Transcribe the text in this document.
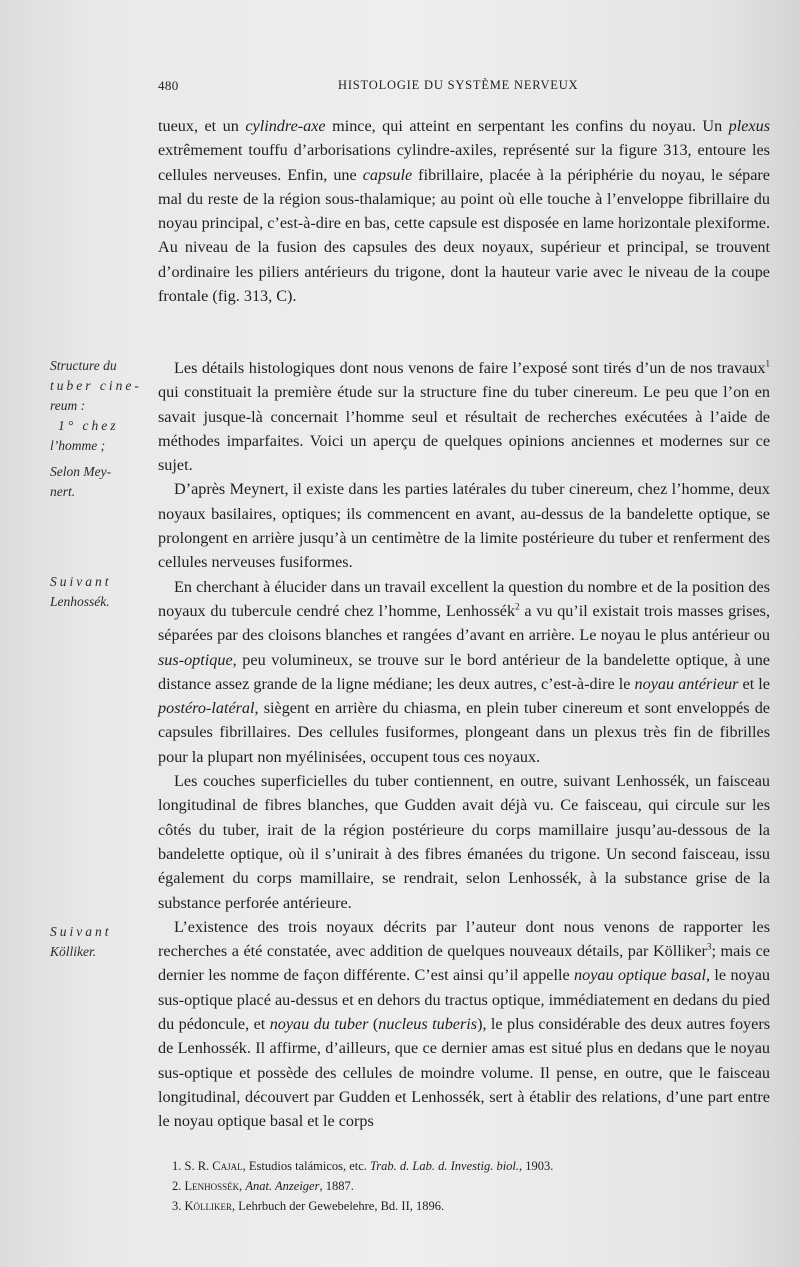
480	HISTOLOGIE DU SYSTÈME NERVEUX

tueux, et un cylindre-axe mince, qui atteint en serpentant les confins du noyau. Un plexus extrêmement touffu d’arborisations cylindre-axiles, représenté sur la figure 313, entoure les cellules nerveuses. Enfin, une capsule fibrillaire, placée à la périphérie du noyau, le sépare mal du reste de la région sous-thalamique; au point où elle touche à l’enveloppe fibrillaire du noyau principal, c’est-à-dire en bas, cette capsule est disposée en lame horizontale plexiforme. Au niveau de la fusion des capsules des deux noyaux, supérieur et principal, se trouvent d’ordinaire les piliers antérieurs du trigone, dont la hauteur varie avec le niveau de la coupe frontale (fig. 313, C).

Structure du
tuber cine-
reum :
1° chez
l’homme ;
Selon Mey-
nert.
Suivant
Lenhossék.
Suivant
Kölliker.

Les détails histologiques dont nous venons de faire l’exposé sont tirés d’un de nos travaux$^1$ qui constituait la première étude sur la structure fine du tuber cinereum. Le peu que l’on en savait jusque-là concernait l’homme seul et résultait de recherches exécutées à l’aide de méthodes imparfaites. Voici un aperçu de quelques opinions anciennes et modernes sur ce sujet.

D’après Meynert, il existe dans les parties latérales du tuber cinereum, chez l’homme, deux noyaux basilaires, optiques; ils commencent en avant, au-dessus de la bandelette optique, se prolongent en arrière jusqu’à un centimètre de la limite postérieure du tuber et renferment des cellules nerveuses fusiformes.

En cherchant à élucider dans un travail excellent la question du nombre et de la position des noyaux du tubercule cendré chez l’homme, Lenhossék$^2$ a vu qu’il existait trois masses grises, séparées par des cloisons blanches et rangées d’avant en arrière. Le noyau le plus antérieur ou sus-optique, peu volumineux, se trouve sur le bord antérieur de la bandelette optique, à une distance assez grande de la ligne médiane; les deux autres, c’est-à-dire le noyau antérieur et le postéro-latéral, siègent en arrière du chiasma, en plein tuber cinereum et sont enveloppés de capsules fibrillaires. Des cellules fusiformes, plongeant dans un plexus très fin de fibrilles pour la plupart non myélinisées, occupent tous ces noyaux.

Les couches superficielles du tuber contiennent, en outre, suivant Lenhossék, un faisceau longitudinal de fibres blanches, que Gudden avait déjà vu. Ce faisceau, qui circule sur les côtés du tuber, irait de la région postérieure du corps mamillaire jusqu’au-dessous de la bandelette optique, où il s’unirait à des fibres émanées du trigone. Un second faisceau, issu également du corps mamillaire, se rendrait, selon Lenhossék, à la substance grise de la substance perforée antérieure.

L’existence des trois noyaux décrits par l’auteur dont nous venons de rapporter les recherches a été constatée, avec addition de quelques nouveaux détails, par Kölliker$^3$; mais ce dernier les nomme de façon différente. C’est ainsi qu’il appelle noyau optique basal, le noyau sus-optique placé au-dessus et en dehors du tractus optique, immédiatement en dedans du pied du pédoncule, et noyau du tuber (nucleus tuberis), le plus considérable des deux autres foyers de Lenhossék. Il affirme, d’ailleurs, que ce dernier amas est situé plus en dedans que le noyau sus-optique et possède des cellules de moindre volume. Il pense, en outre, que le faisceau longitudinal, découvert par Gudden et Lenhossék, sert à établir des relations, d’une part entre le noyau optique basal et le corps

1. S. R. Cajal, Estudios talámicos, etc. Trab. d. Lab. d. Investig. biol., 1903.
2. Lenhossék, Anat. Anzeiger, 1887.
3. Kölliker, Lehrbuch der Gewebelehre, Bd. II, 1896.
